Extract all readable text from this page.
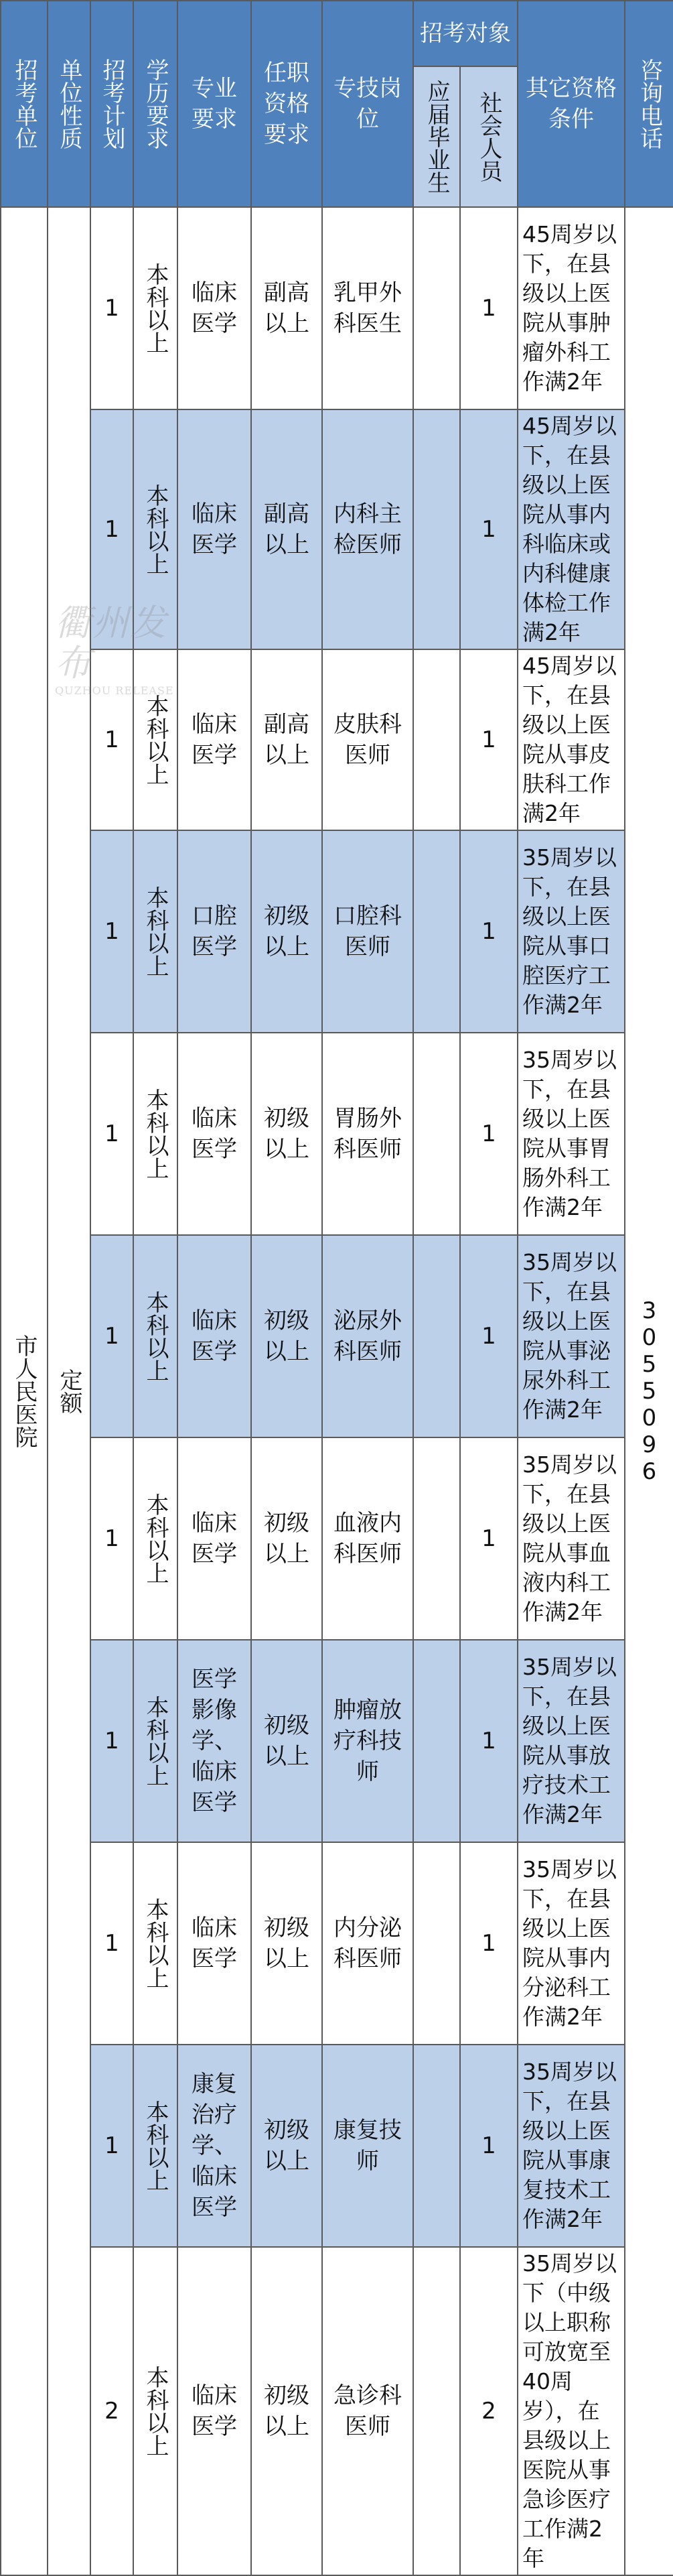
招考单位	单位性质	招考计划	学历要求	专业要求	任职资格要求	专技岗位	招考对象		其它资格条件	咨询电话

							应届毕业生	社会人员		

市人民医院	定额	1	本科以上	临床医学	副高以上	乳甲外科医生		1	45周岁以下，在县级以上医院从事肿瘤外科工作满2年	3055096

		1	本科以上	临床医学	副高以上	内科主检医师		1	45周岁以下，在县级以上医院从事内科临床或内科健康体检工作满2年	

		1	本科以上	临床医学	副高以上	皮肤科医师		1	45周岁以下，在县级以上医院从事皮肤科工作满2年	

		1	本科以上	口腔医学	初级以上	口腔科医师		1	35周岁以下，在县级以上医院从事口腔医疗工作满2年	

		1	本科以上	临床医学	初级以上	胃肠外科医师		1	35周岁以下，在县级以上医院从事胃肠外科工作满2年	

		1	本科以上	临床医学	初级以上	泌尿外科医师		1	35周岁以下，在县级以上医院从事泌尿外科工作满2年	

		1	本科以上	临床医学	初级以上	血液内科医师		1	35周岁以下，在县级以上医院从事血液内科工作满2年	

		1	本科以上	医学影像学、临床医学	初级以上	肿瘤放疗科技师		1	35周岁以下，在县级以上医院从事放疗技术工作满2年	

		1	本科以上	临床医学	初级以上	内分泌科医师		1	35周岁以下，在县级以上医院从事内分泌科工作满2年	

		1	本科以上	康复治疗学、临床医学	初级以上	康复技师		1	35周岁以下，在县级以上医院从事康复技术工作满2年	

		2	本科以上	临床医学	初级以上	急诊科医师		2	35周岁以下（中级以上职称可放宽至40周岁），在县级以上医院从事急诊医疗工作满2年	
衢州发布
QUZHOU RELEASE
